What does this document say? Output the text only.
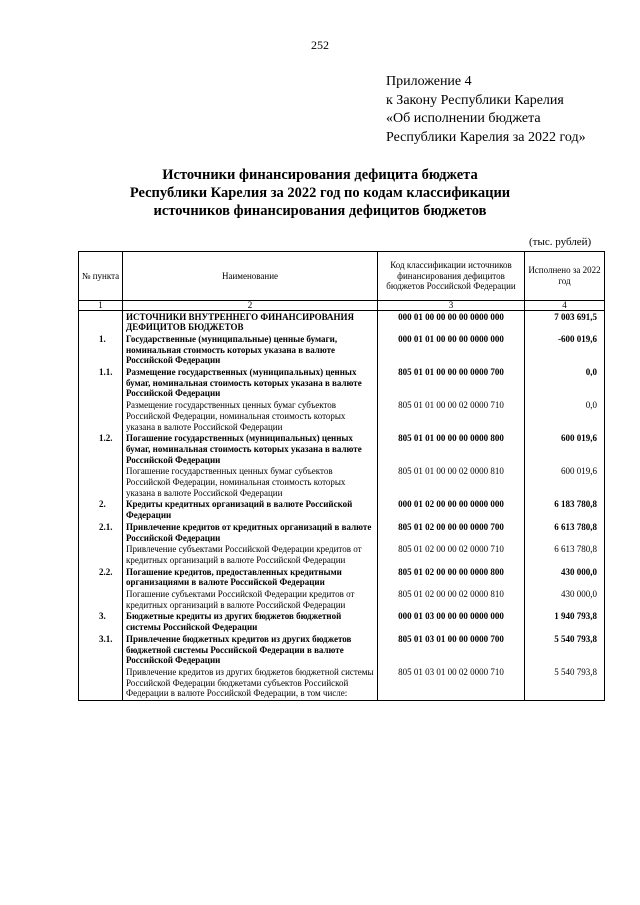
252
Приложение 4
к Закону Республики Карелия
«Об исполнении бюджета
Республики Карелия за 2022 год»
Источники финансирования дефицита бюджета
Республики Карелия за 2022 год по кодам классификации
источников финансирования дефицитов бюджетов
(тыс. рублей)
№ пункта	Наименование	Код классификации источников финансирования дефицитов бюджетов Российской Федерации	Исполнено за 2022 год
1	2	3	4
	ИСТОЧНИКИ ВНУТРЕННЕГО ФИНАНСИРОВАНИЯ ДЕФИЦИТОВ БЮДЖЕТОВ	000 01 00 00 00 00 0000 000	7 003 691,5
1.	Государственные (муниципальные) ценные бумаги, номинальная стоимость которых указана в валюте Российской Федерации	000 01 01 00 00 00 0000 000	-600 019,6
1.1.	Размещение государственных (муниципальных) ценных бумаг, номинальная стоимость которых указана в валюте Российской Федерации	805 01 01 00 00 00 0000 700	0,0
	Размещение государственных ценных бумаг субъектов Российской Федерации, номинальная стоимость которых указана в валюте Российской Федерации	805 01 01 00 00 02 0000 710	0,0
1.2.	Погашение государственных (муниципальных) ценных бумаг, номинальная стоимость которых указана в валюте Российской Федерации	805 01 01 00 00 00 0000 800	600 019,6
	Погашение государственных ценных бумаг субъектов Российской Федерации, номинальная стоимость которых указана в валюте Российской Федерации	805 01 01 00 00 02 0000 810	600 019,6
2.	Кредиты кредитных организаций в валюте Российской Федерации	000 01 02 00 00 00 0000 000	6 183 780,8
2.1.	Привлечение кредитов от кредитных организаций в валюте Российской Федерации	805 01 02 00 00 00 0000 700	6 613 780,8
	Привлечение субъектами Российской Федерации кредитов от кредитных организаций в валюте Российской Федерации	805 01 02 00 00 02 0000 710	6 613 780,8
2.2.	Погашение кредитов, предоставленных кредитными организациями в валюте Российской Федерации	805 01 02 00 00 00 0000 800	430 000,0
	Погашение субъектами Российской Федерации кредитов от кредитных организаций в валюте Российской Федерации	805 01 02 00 00 02 0000 810	430 000,0
3.	Бюджетные кредиты из других бюджетов бюджетной системы Российской Федерации	000 01 03 00 00 00 0000 000	1 940 793,8
3.1.	Привлечение бюджетных кредитов из других бюджетов бюджетной системы Российской Федерации в валюте Российской Федерации	805 01 03 01 00 00 0000 700	5 540 793,8
	Привлечение кредитов из других бюджетов бюджетной системы Российской Федерации бюджетами субъектов Российской Федерации в валюте Российской Федерации, в том числе:	805 01 03 01 00 02 0000 710	5 540 793,8
